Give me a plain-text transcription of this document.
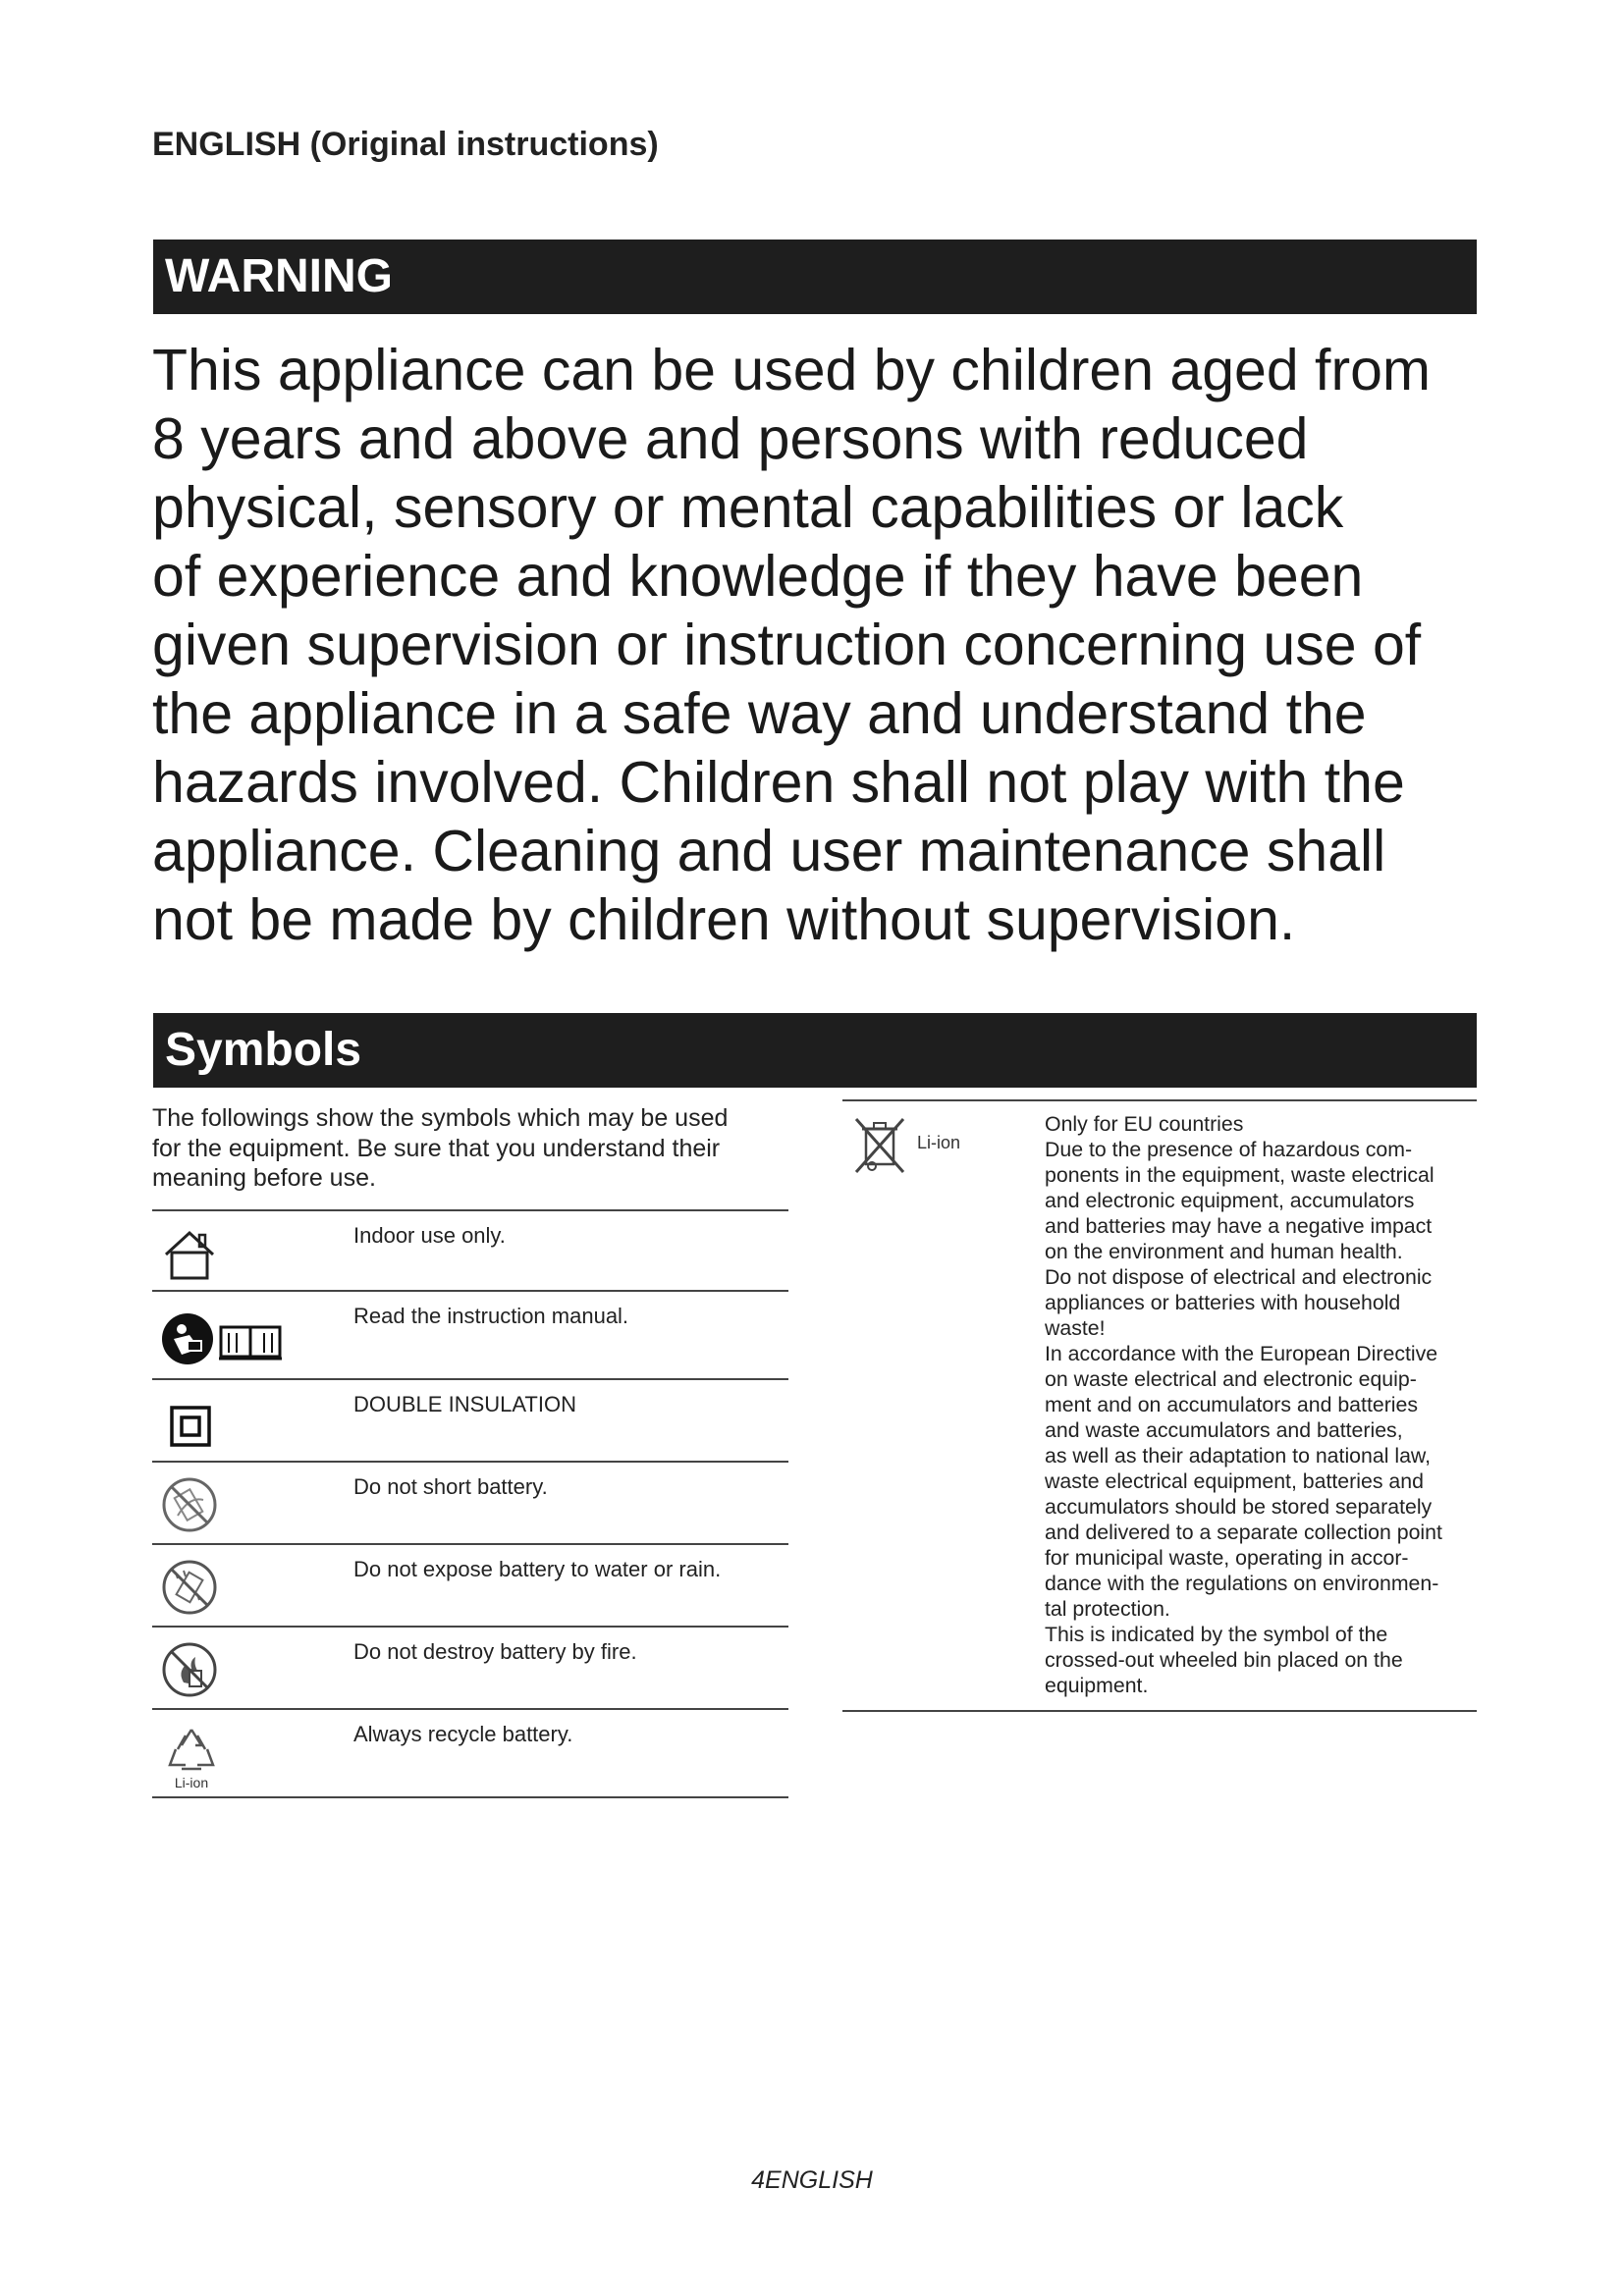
ENGLISH (Original instructions)
WARNING
This appliance can be used by children aged from
8 years and above and persons with reduced
physical, sensory or mental capabilities or lack
of experience and knowledge if they have been
given supervision or instruction concerning use of
the appliance in a safe way and understand the
hazards involved. Children shall not play with the
appliance. Cleaning and user maintenance shall
not be made by children without supervision.
Symbols
The followings show the symbols which may be used
for the equipment. Be sure that you understand their
meaning before use.
Indoor use only.
Read the instruction manual.
DOUBLE INSULATION
Do not short battery.
Do not expose battery to water or rain.
Do not destroy battery by fire.
Li-ion
Always recycle battery.
Li-ion
Only for EU countries
Due to the presence of hazardous com-
ponents in the equipment, waste electrical
and electronic equipment, accumulators
and batteries may have a negative impact
on the environment and human health.
Do not dispose of electrical and electronic
appliances or batteries with household
waste!
In accordance with the European Directive
on waste electrical and electronic equip-
ment and on accumulators and batteries
and waste accumulators and batteries,
as well as their adaptation to national law,
waste electrical equipment, batteries and
accumulators should be stored separately
and delivered to a separate collection point
for municipal waste, operating in accor-
dance with the regulations on environmen-
tal protection.
This is indicated by the symbol of the
crossed-out wheeled bin placed on the
equipment.
4ENGLISH
